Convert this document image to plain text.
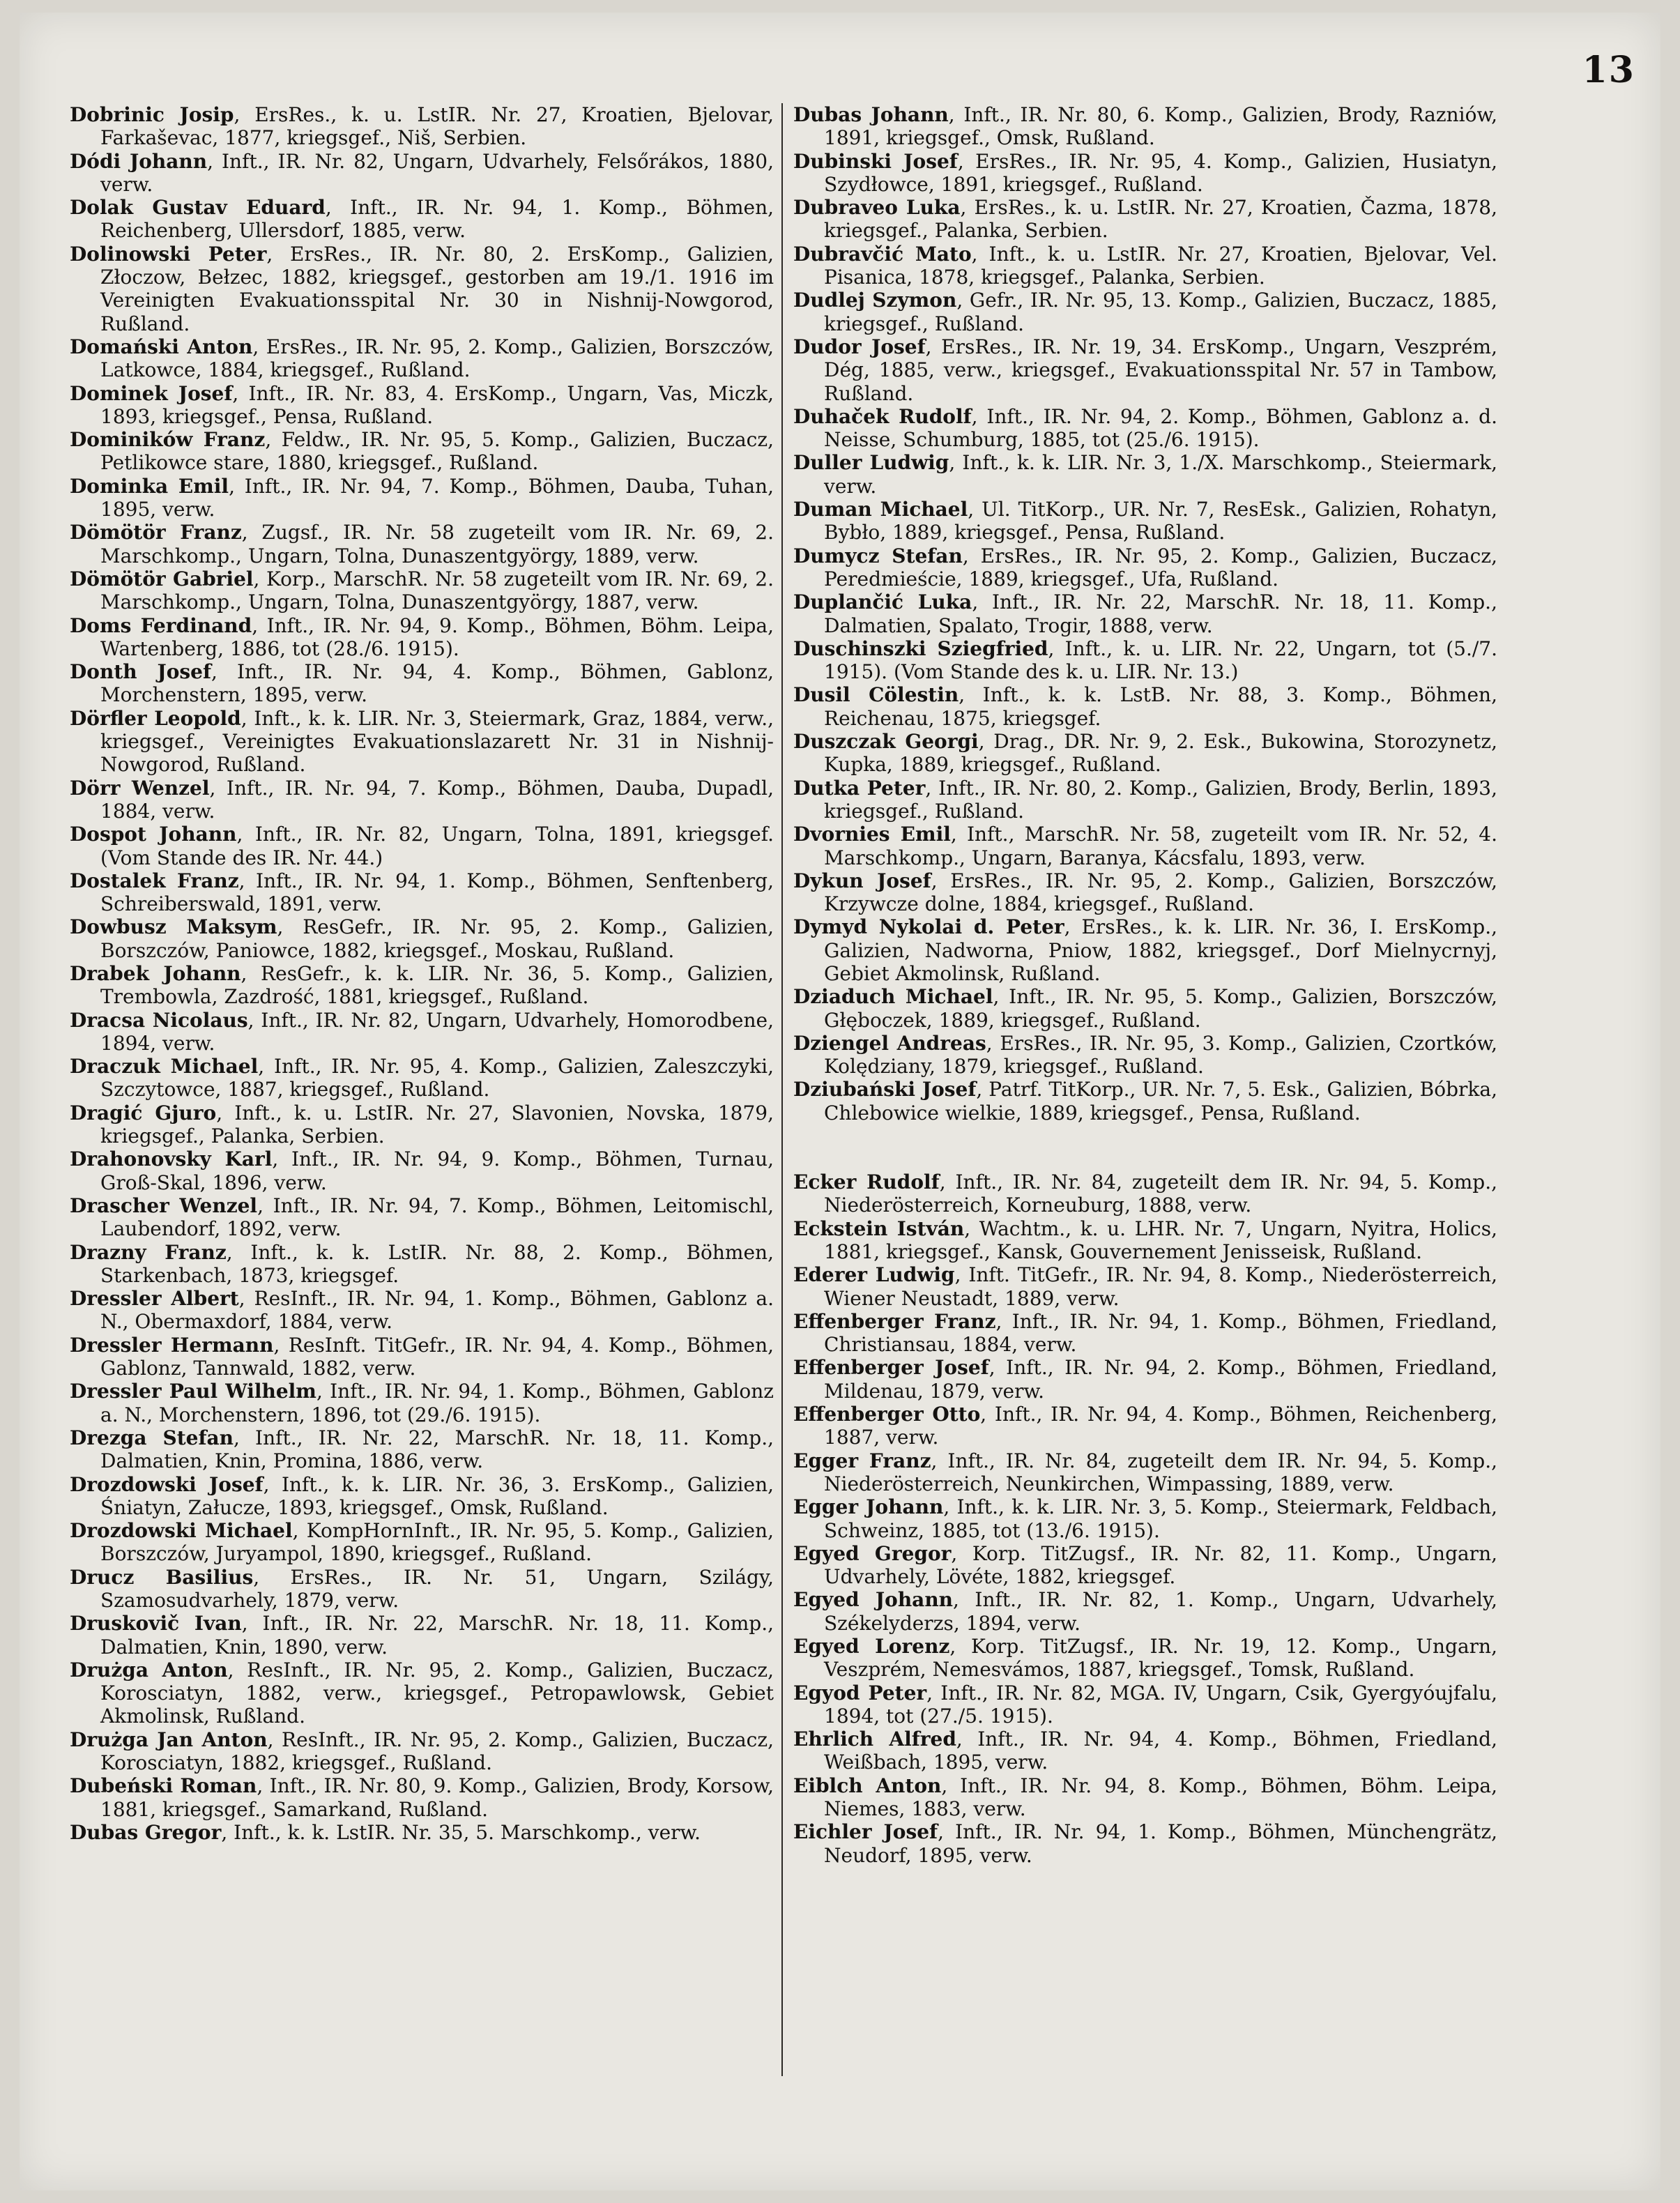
13
Dobrinic Josip, ErsRes., k. u. LstIR. Nr. 27, Kroatien, Bjelovar, Farkaševac, 1877, kriegsgef., Niš, Serbien.
Dódi Johann, Inft., IR. Nr. 82, Ungarn, Udvarhely, Felsőrákos, 1880, verw.
Dolak Gustav Eduard, Inft., IR. Nr. 94, 1. Komp., Böhmen, Reichenberg, Ullersdorf, 1885, verw.
Dolinowski Peter, ErsRes., IR. Nr. 80, 2. ErsKomp., Galizien, Złoczow, Bełzec, 1882, kriegsgef., gestorben am 19./1. 1916 im Vereinigten Evakuationsspital Nr. 30 in Nishnij-Nowgorod, Rußland.
Domański Anton, ErsRes., IR. Nr. 95, 2. Komp., Galizien, Borszczów, Latkowce, 1884, kriegsgef., Rußland.
Dominek Josef, Inft., IR. Nr. 83, 4. ErsKomp., Ungarn, Vas, Miczk, 1893, kriegsgef., Pensa, Rußland.
Dominików Franz, Feldw., IR. Nr. 95, 5. Komp., Galizien, Buczacz, Petlikowce stare, 1880, kriegsgef., Rußland.
Dominka Emil, Inft., IR. Nr. 94, 7. Komp., Böhmen, Dauba, Tuhan, 1895, verw.
Dömötör Franz, Zugsf., IR. Nr. 58 zugeteilt vom IR. Nr. 69, 2. Marschkomp., Ungarn, Tolna, Dunaszentgyörgy, 1889, verw.
Dömötör Gabriel, Korp., MarschR. Nr. 58 zugeteilt vom IR. Nr. 69, 2. Marschkomp., Ungarn, Tolna, Dunaszentgyörgy, 1887, verw.
Doms Ferdinand, Inft., IR. Nr. 94, 9. Komp., Böhmen, Böhm. Leipa, Wartenberg, 1886, tot (28./6. 1915).
Donth Josef, Inft., IR. Nr. 94, 4. Komp., Böhmen, Gablonz, Morchenstern, 1895, verw.
Dörfler Leopold, Inft., k. k. LIR. Nr. 3, Steiermark, Graz, 1884, verw., kriegsgef., Vereinigtes Evakuationslazarett Nr. 31 in Nishnij-Nowgorod, Rußland.
Dörr Wenzel, Inft., IR. Nr. 94, 7. Komp., Böhmen, Dauba, Dupadl, 1884, verw.
Dospot Johann, Inft., IR. Nr. 82, Ungarn, Tolna, 1891, kriegsgef. (Vom Stande des IR. Nr. 44.)
Dostalek Franz, Inft., IR. Nr. 94, 1. Komp., Böhmen, Senftenberg, Schreiberswald, 1891, verw.
Dowbusz Maksym, ResGefr., IR. Nr. 95, 2. Komp., Galizien, Borszczów, Paniowce, 1882, kriegsgef., Moskau, Rußland.
Drabek Johann, ResGefr., k. k. LIR. Nr. 36, 5. Komp., Galizien, Trembowla, Zazdrość, 1881, kriegsgef., Rußland.
Dracsa Nicolaus, Inft., IR. Nr. 82, Ungarn, Udvarhely, Homorodbene, 1894, verw.
Draczuk Michael, Inft., IR. Nr. 95, 4. Komp., Galizien, Zaleszczyki, Szczytowce, 1887, kriegsgef., Rußland.
Dragić Gjuro, Inft., k. u. LstIR. Nr. 27, Slavonien, Novska, 1879, kriegsgef., Palanka, Serbien.
Drahonovsky Karl, Inft., IR. Nr. 94, 9. Komp., Böhmen, Turnau, Groß-Skal, 1896, verw.
Drascher Wenzel, Inft., IR. Nr. 94, 7. Komp., Böhmen, Leitomischl, Laubendorf, 1892, verw.
Drazny Franz, Inft., k. k. LstIR. Nr. 88, 2. Komp., Böhmen, Starkenbach, 1873, kriegsgef.
Dressler Albert, ResInft., IR. Nr. 94, 1. Komp., Böhmen, Gablonz a. N., Obermaxdorf, 1884, verw.
Dressler Hermann, ResInft. TitGefr., IR. Nr. 94, 4. Komp., Böhmen, Gablonz, Tannwald, 1882, verw.
Dressler Paul Wilhelm, Inft., IR. Nr. 94, 1. Komp., Böhmen, Gablonz a. N., Morchenstern, 1896, tot (29./6. 1915).
Drezga Stefan, Inft., IR. Nr. 22, MarschR. Nr. 18, 11. Komp., Dalmatien, Knin, Promina, 1886, verw.
Drozdowski Josef, Inft., k. k. LIR. Nr. 36, 3. ErsKomp., Galizien, Śniatyn, Załucze, 1893, kriegsgef., Omsk, Rußland.
Drozdowski Michael, KompHornInft., IR. Nr. 95, 5. Komp., Galizien, Borszczów, Juryampol, 1890, kriegsgef., Rußland.
Drucz Basilius, ErsRes., IR. Nr. 51, Ungarn, Szilágy, Szamosudvarhely, 1879, verw.
Druskovič Ivan, Inft., IR. Nr. 22, MarschR. Nr. 18, 11. Komp., Dalmatien, Knin, 1890, verw.
Drużga Anton, ResInft., IR. Nr. 95, 2. Komp., Galizien, Buczacz, Korosciatyn, 1882, verw., kriegsgef., Petropawlowsk, Gebiet Akmolinsk, Rußland.
Drużga Jan Anton, ResInft., IR. Nr. 95, 2. Komp., Galizien, Buczacz, Korosciatyn, 1882, kriegsgef., Rußland.
Dubeński Roman, Inft., IR. Nr. 80, 9. Komp., Galizien, Brody, Korsow, 1881, kriegsgef., Samarkand, Rußland.
Dubas Gregor, Inft., k. k. LstIR. Nr. 35, 5. Marschkomp., verw.
Dubas Johann, Inft., IR. Nr. 80, 6. Komp., Galizien, Brody, Razniów, 1891, kriegsgef., Omsk, Rußland.
Dubinski Josef, ErsRes., IR. Nr. 95, 4. Komp., Galizien, Husiatyn, Szydłowce, 1891, kriegsgef., Rußland.
Dubraveo Luka, ErsRes., k. u. LstIR. Nr. 27, Kroatien, Čazma, 1878, kriegsgef., Palanka, Serbien.
Dubravčić Mato, Inft., k. u. LstIR. Nr. 27, Kroatien, Bjelovar, Vel. Pisanica, 1878, kriegsgef., Palanka, Serbien.
Dudlej Szymon, Gefr., IR. Nr. 95, 13. Komp., Galizien, Buczacz, 1885, kriegsgef., Rußland.
Dudor Josef, ErsRes., IR. Nr. 19, 34. ErsKomp., Ungarn, Veszprém, Dég, 1885, verw., kriegsgef., Evakuationsspital Nr. 57 in Tambow, Rußland.
Duhaček Rudolf, Inft., IR. Nr. 94, 2. Komp., Böhmen, Gablonz a. d. Neisse, Schumburg, 1885, tot (25./6. 1915).
Duller Ludwig, Inft., k. k. LIR. Nr. 3, 1./X. Marschkomp., Steiermark, verw.
Duman Michael, Ul. TitKorp., UR. Nr. 7, ResEsk., Galizien, Rohatyn, Bybło, 1889, kriegsgef., Pensa, Rußland.
Dumycz Stefan, ErsRes., IR. Nr. 95, 2. Komp., Galizien, Buczacz, Peredmieście, 1889, kriegsgef., Ufa, Rußland.
Duplančić Luka, Inft., IR. Nr. 22, MarschR. Nr. 18, 11. Komp., Dalmatien, Spalato, Trogir, 1888, verw.
Duschinszki Sziegfried, Inft., k. u. LIR. Nr. 22, Ungarn, tot (5./7. 1915). (Vom Stande des k. u. LIR. Nr. 13.)
Dusil Cölestin, Inft., k. k. LstB. Nr. 88, 3. Komp., Böhmen, Reichenau, 1875, kriegsgef.
Duszczak Georgi, Drag., DR. Nr. 9, 2. Esk., Bukowina, Storozynetz, Kupka, 1889, kriegsgef., Rußland.
Dutka Peter, Inft., IR. Nr. 80, 2. Komp., Galizien, Brody, Berlin, 1893, kriegsgef., Rußland.
Dvornies Emil, Inft., MarschR. Nr. 58, zugeteilt vom IR. Nr. 52, 4. Marschkomp., Ungarn, Baranya, Kácsfalu, 1893, verw.
Dykun Josef, ErsRes., IR. Nr. 95, 2. Komp., Galizien, Borszczów, Krzywcze dolne, 1884, kriegsgef., Rußland.
Dymyd Nykolai d. Peter, ErsRes., k. k. LIR. Nr. 36, I. ErsKomp., Galizien, Nadworna, Pniow, 1882, kriegsgef., Dorf Mielnycrnyj, Gebiet Akmolinsk, Rußland.
Dziaduch Michael, Inft., IR. Nr. 95, 5. Komp., Galizien, Borszczów, Głęboczek, 1889, kriegsgef., Rußland.
Dziengel Andreas, ErsRes., IR. Nr. 95, 3. Komp., Galizien, Czortków, Kolędziany, 1879, kriegsgef., Rußland.
Dziubański Josef, Patrf. TitKorp., UR. Nr. 7, 5. Esk., Galizien, Bóbrka, Chlebowice wielkie, 1889, kriegsgef., Pensa, Rußland.
Ecker Rudolf, Inft., IR. Nr. 84, zugeteilt dem IR. Nr. 94, 5. Komp., Niederösterreich, Korneuburg, 1888, verw.
Eckstein István, Wachtm., k. u. LHR. Nr. 7, Ungarn, Nyitra, Holics, 1881, kriegsgef., Kansk, Gouvernement Jenisseisk, Rußland.
Ederer Ludwig, Inft. TitGefr., IR. Nr. 94, 8. Komp., Niederösterreich, Wiener Neustadt, 1889, verw.
Effenberger Franz, Inft., IR. Nr. 94, 1. Komp., Böhmen, Friedland, Christiansau, 1884, verw.
Effenberger Josef, Inft., IR. Nr. 94, 2. Komp., Böhmen, Friedland, Mildenau, 1879, verw.
Effenberger Otto, Inft., IR. Nr. 94, 4. Komp., Böhmen, Reichenberg, 1887, verw.
Egger Franz, Inft., IR. Nr. 84, zugeteilt dem IR. Nr. 94, 5. Komp., Niederösterreich, Neunkirchen, Wimpassing, 1889, verw.
Egger Johann, Inft., k. k. LIR. Nr. 3, 5. Komp., Steiermark, Feldbach, Schweinz, 1885, tot (13./6. 1915).
Egyed Gregor, Korp. TitZugsf., IR. Nr. 82, 11. Komp., Ungarn, Udvarhely, Lövéte, 1882, kriegsgef.
Egyed Johann, Inft., IR. Nr. 82, 1. Komp., Ungarn, Udvarhely, Székelyderzs, 1894, verw.
Egyed Lorenz, Korp. TitZugsf., IR. Nr. 19, 12. Komp., Ungarn, Veszprém, Nemesvámos, 1887, kriegsgef., Tomsk, Rußland.
Egyod Peter, Inft., IR. Nr. 82, MGA. IV, Ungarn, Csik, Gyergyóujfalu, 1894, tot (27./5. 1915).
Ehrlich Alfred, Inft., IR. Nr. 94, 4. Komp., Böhmen, Friedland, Weißbach, 1895, verw.
Eiblch Anton, Inft., IR. Nr. 94, 8. Komp., Böhmen, Böhm. Leipa, Niemes, 1883, verw.
Eichler Josef, Inft., IR. Nr. 94, 1. Komp., Böhmen, Münchengrätz, Neudorf, 1895, verw.
